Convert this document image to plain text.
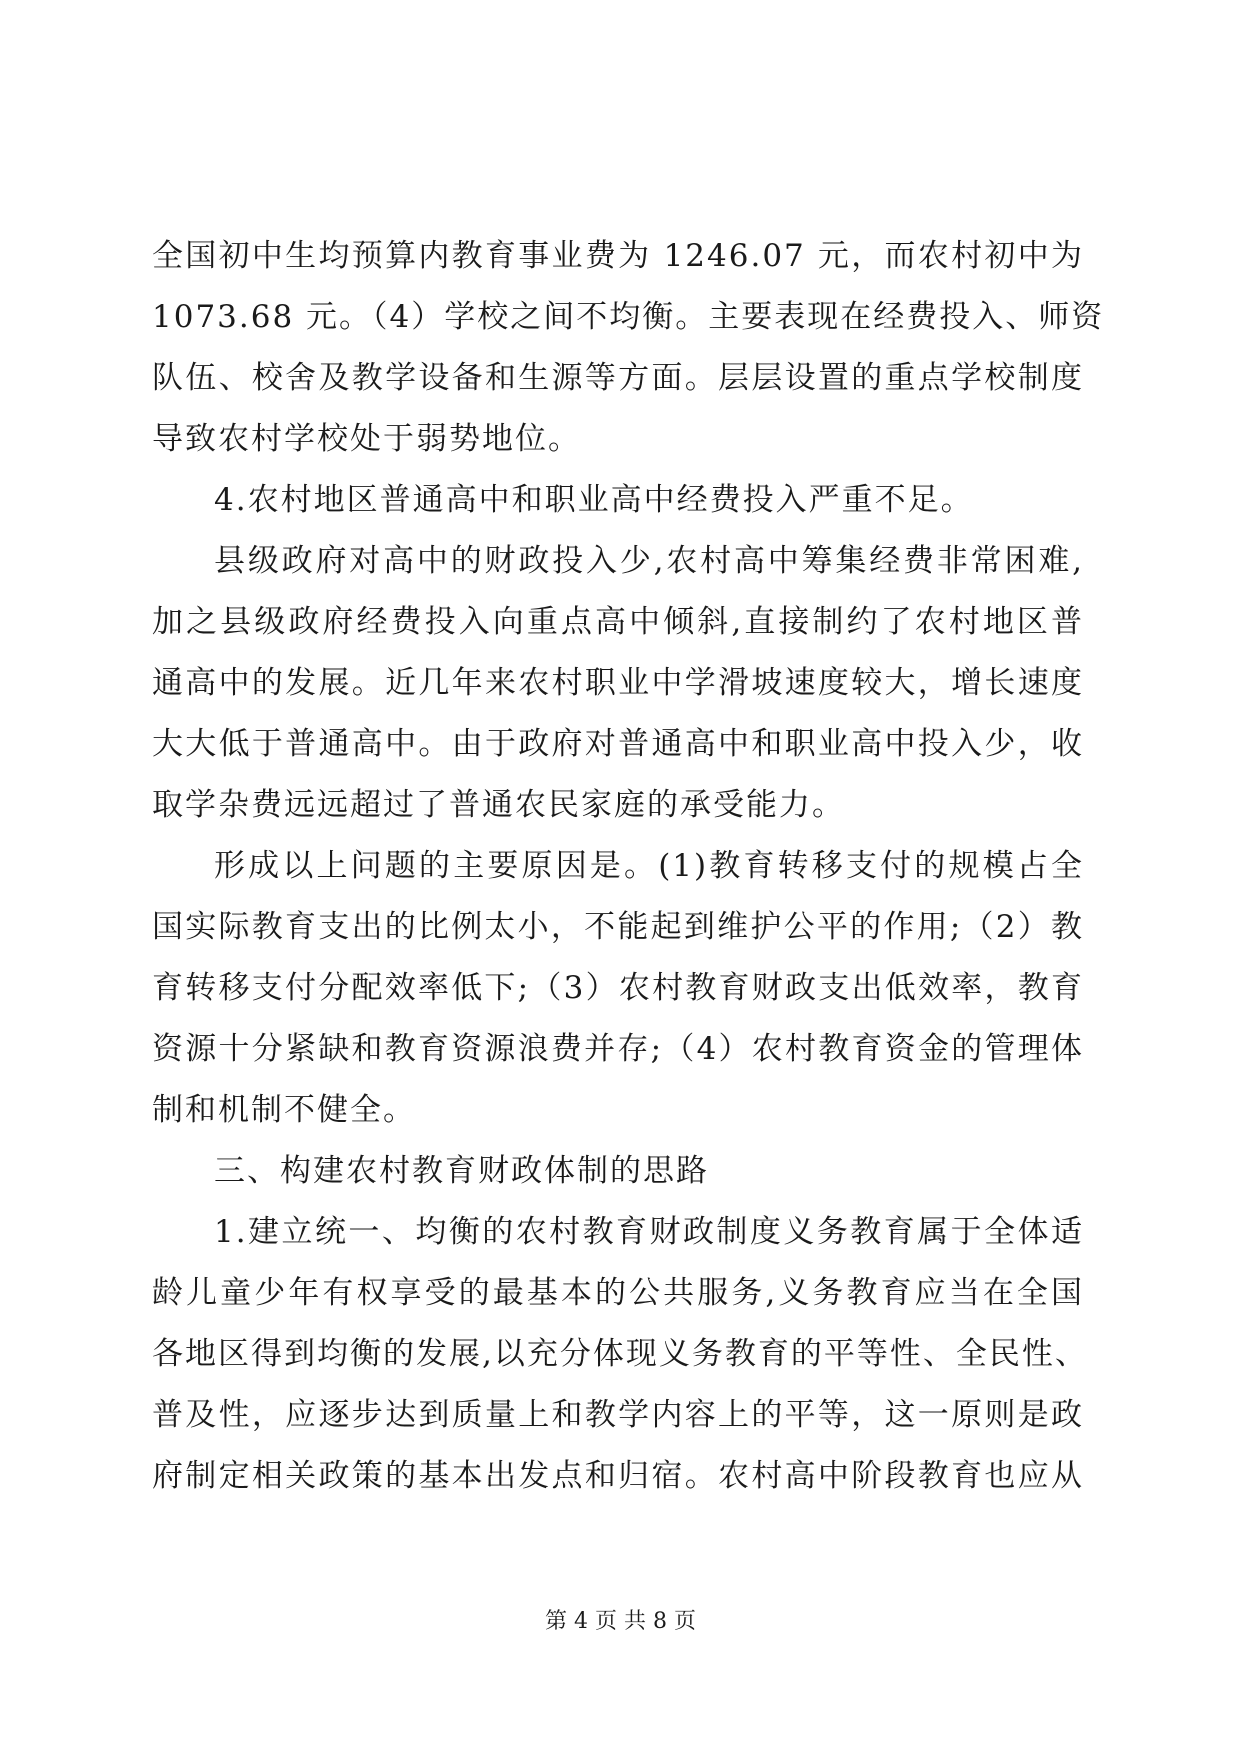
全国初中生均预算内教育事业费为 1246.07 元，而农村初中为
1073.68 元。（4）学校之间不均衡。主要表现在经费投入、师资
队伍、校舍及教学设备和生源等方面。层层设置的重点学校制度
导致农村学校处于弱势地位。
4.农村地区普通高中和职业高中经费投入严重不足。
县级政府对高中的财政投入少,农村高中筹集经费非常困难,
加之县级政府经费投入向重点高中倾斜,直接制约了农村地区普
通高中的发展。近几年来农村职业中学滑坡速度较大，增长速度
大大低于普通高中。由于政府对普通高中和职业高中投入少，收
取学杂费远远超过了普通农民家庭的承受能力。
形成以上问题的主要原因是。(1)教育转移支付的规模占全
国实际教育支出的比例太小，不能起到维护公平的作用;（2）教
育转移支付分配效率低下;（3）农村教育财政支出低效率，教育
资源十分紧缺和教育资源浪费并存;（4）农村教育资金的管理体
制和机制不健全。
三、构建农村教育财政体制的思路
1.建立统一、均衡的农村教育财政制度义务教育属于全体适
龄儿童少年有权享受的最基本的公共服务,义务教育应当在全国
各地区得到均衡的发展,以充分体现义务教育的平等性、全民性、
普及性，应逐步达到质量上和教学内容上的平等，这一原则是政
府制定相关政策的基本出发点和归宿。农村高中阶段教育也应从
第 4 页 共 8 页
